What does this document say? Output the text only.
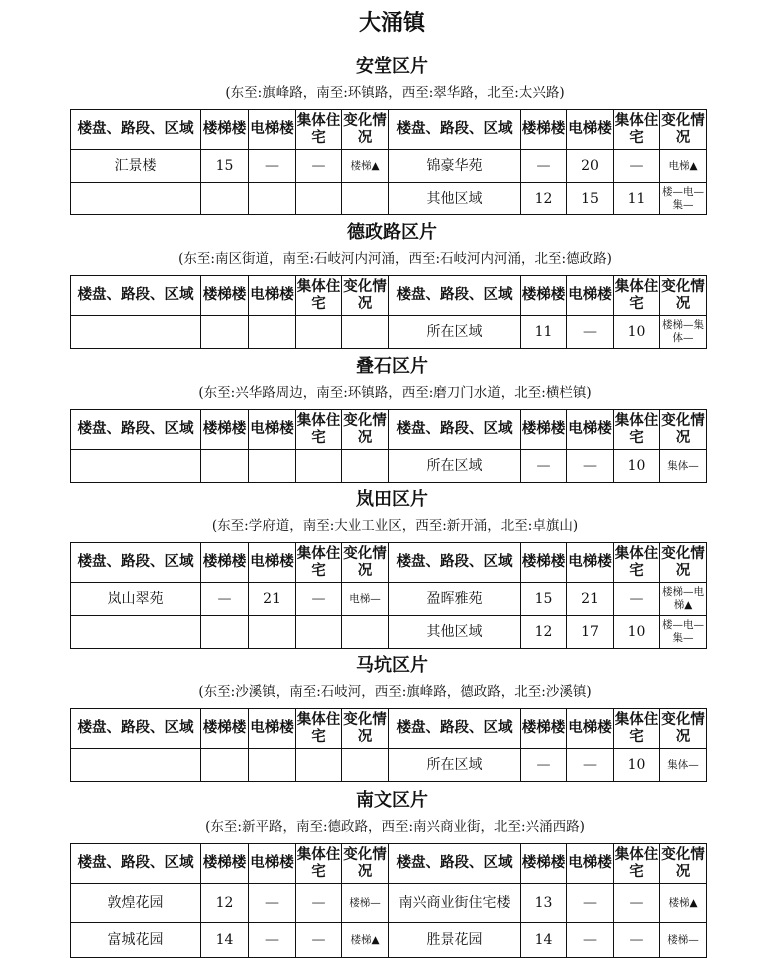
大涌镇
安堂区片
(东至:旗峰路，南至:环镇路，西至:翠华路，北至:太兴路)
楼盘、路段、区域	楼梯楼	电梯楼	集体住宅	变化情况	楼盘、路段、区域	楼梯楼	电梯楼	集体住宅	变化情况
汇景楼	15	—	—	楼梯▲	锦豪华苑	—	20	—	电梯▲
					其他区域	12	15	11	楼—电—集—
德政路区片
(东至:南区街道，南至:石岐河内河涌，西至:石岐河内河涌，北至:德政路)
楼盘、路段、区域	楼梯楼	电梯楼	集体住宅	变化情况	楼盘、路段、区域	楼梯楼	电梯楼	集体住宅	变化情况
					所在区域	11	—	10	楼梯—集体—
叠石区片
(东至:兴华路周边，南至:环镇路，西至:磨刀门水道，北至:横栏镇)
楼盘、路段、区域	楼梯楼	电梯楼	集体住宅	变化情况	楼盘、路段、区域	楼梯楼	电梯楼	集体住宅	变化情况
					所在区域	—	—	10	集体—
岚田区片
(东至:学府道，南至:大业工业区，西至:新开涌，北至:卓旗山)
楼盘、路段、区域	楼梯楼	电梯楼	集体住宅	变化情况	楼盘、路段、区域	楼梯楼	电梯楼	集体住宅	变化情况
岚山翠苑	—	21	—	电梯—	盈晖雅苑	15	21	—	楼梯—电梯▲
					其他区域	12	17	10	楼—电—集—
马坑区片
(东至:沙溪镇，南至:石岐河，西至:旗峰路，德政路，北至:沙溪镇)
楼盘、路段、区域	楼梯楼	电梯楼	集体住宅	变化情况	楼盘、路段、区域	楼梯楼	电梯楼	集体住宅	变化情况
					所在区域	—	—	10	集体—
南文区片
(东至:新平路，南至:德政路，西至:南兴商业街，北至:兴涌西路)
楼盘、路段、区域	楼梯楼	电梯楼	集体住宅	变化情况	楼盘、路段、区域	楼梯楼	电梯楼	集体住宅	变化情况
敦煌花园	12	—	—	楼梯—	南兴商业街住宅楼	13	—	—	楼梯▲
富城花园	14	—	—	楼梯▲	胜景花园	14	—	—	楼梯—
